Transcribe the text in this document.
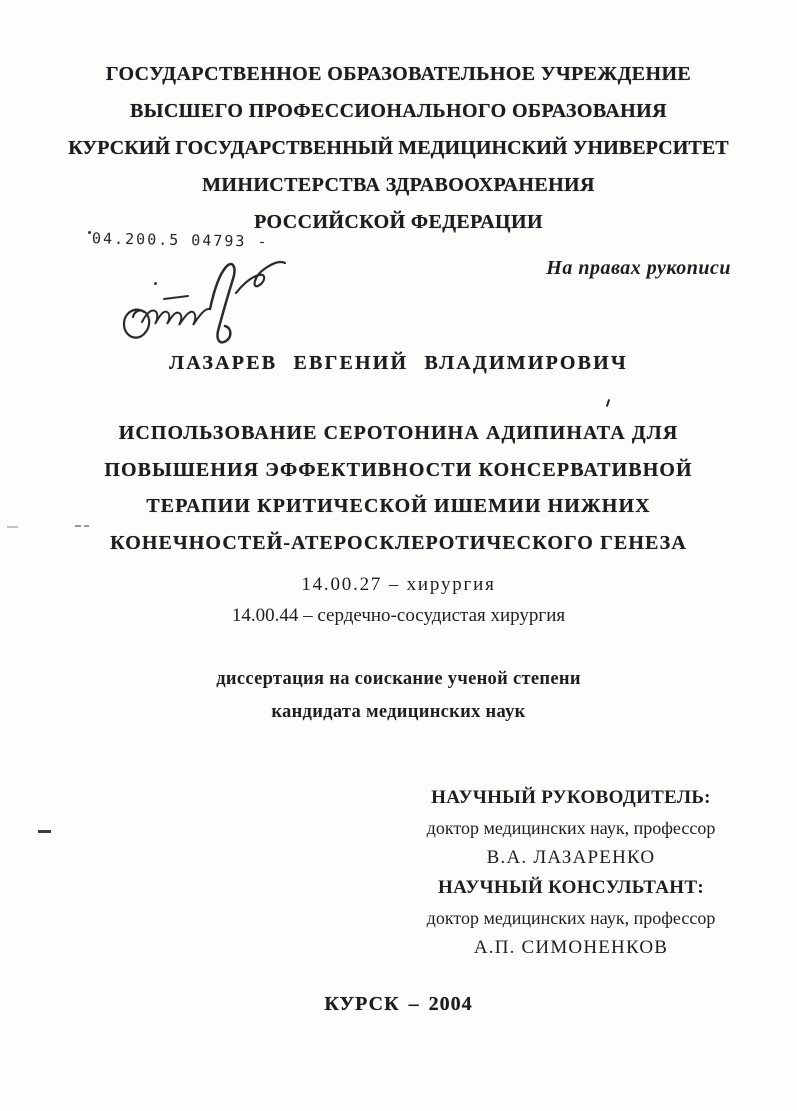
ГОСУДАРСТВЕННОЕ ОБРАЗОВАТЕЛЬНОЕ УЧРЕЖДЕНИЕ
ВЫСШЕГО ПРОФЕССИОНАЛЬНОГО ОБРАЗОВАНИЯ
КУРСКИЙ ГОСУДАРСТВЕННЫЙ МЕДИЦИНСКИЙ УНИВЕРСИТЕТ
МИНИСТЕРСТВА ЗДРАВООХРАНЕНИЯ
РОССИЙСКОЙ ФЕДЕРАЦИИ
04.200.5 04793 -
На правах рукописи
ЛАЗАРЕВ ЕВГЕНИЙ ВЛАДИМИРОВИЧ
ИСПОЛЬЗОВАНИЕ СЕРОТОНИНА АДИПИНАТА ДЛЯ
ПОВЫШЕНИЯ ЭФФЕКТИВНОСТИ КОНСЕРВАТИВНОЙ
ТЕРАПИИ КРИТИЧЕСКОЙ ИШЕМИИ НИЖНИХ
КОНЕЧНОСТЕЙ-АТЕРОСКЛЕРОТИЧЕСКОГО ГЕНЕЗА
14.00.27 – хирургия
14.00.44 – сердечно-сосудистая хирургия
диссертация на соискание ученой степени
кандидата медицинских наук
НАУЧНЫЙ РУКОВОДИТЕЛЬ:
доктор медицинских наук, профессор
В.А. ЛАЗАРЕНКО
НАУЧНЫЙ КОНСУЛЬТАНТ:
доктор медицинских наук, профессор
А.П. СИМОНЕНКОВ
КУРСК – 2004
